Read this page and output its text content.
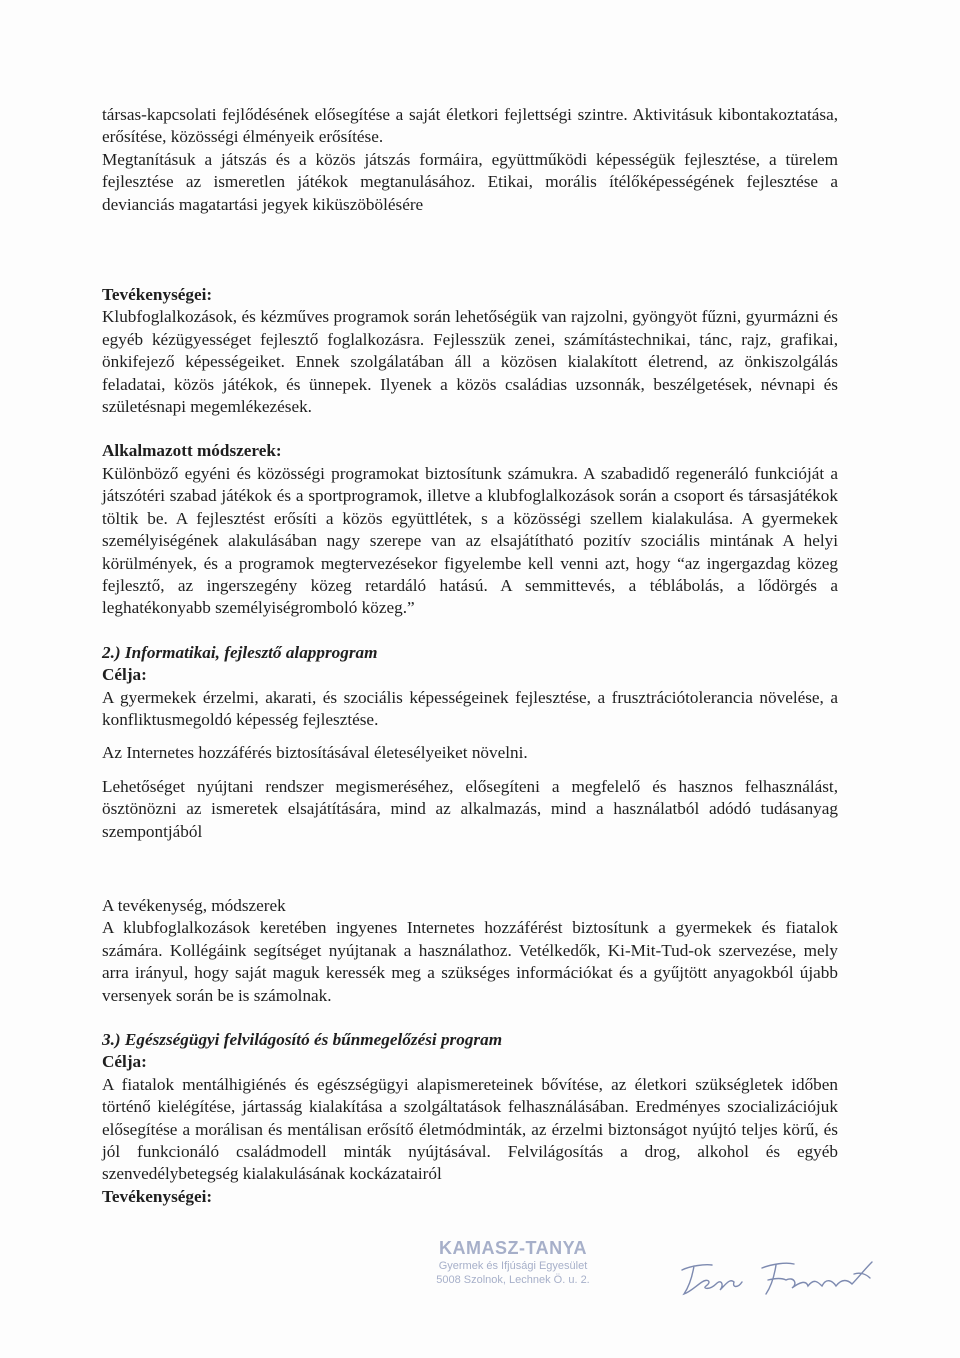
társas-kapcsolati fejlődésének elősegítése a saját életkori fejlettségi szintre. Aktivitásuk kibontakoztatása, erősítése, közösségi élményeik erősítése.

Megtanításuk a játszás és a közös játszás formáira, együttműködi képességük fejlesztése, a türelem fejlesztése az ismeretlen játékok megtanulásához. Etikai, morális ítélőképességének fejlesztése a devianciás magatartási jegyek kiküszöbölésére

Tevékenységei:

Klubfoglalkozások, és kézműves programok során lehetőségük van rajzolni, gyöngyöt fűzni, gyurmázni és egyéb kézügyességet fejlesztő foglalkozásra. Fejlesszük zenei, számítástechnikai, tánc, rajz, grafikai, önkifejező képességeiket. Ennek szolgálatában áll a közösen kialakított életrend, az önkiszolgálás feladatai, közös játékok, és ünnepek. Ilyenek a közös családias uzsonnák, beszélgetések, névnapi és születésnapi megemlékezések.

Alkalmazott módszerek:

Különböző egyéni és közösségi programokat biztosítunk számukra. A szabadidő regeneráló funkcióját a játszótéri szabad játékok és a sportprogramok, illetve a klubfoglalkozások során a csoport és társasjátékok töltik be. A fejlesztést erősíti a közös együttlétek, s a közösségi szellem kialakulása. A gyermekek személyiségének alakulásában nagy szerepe van az elsajátítható pozitív szociális mintának A helyi körülmények, és a programok megtervezésekor figyelembe kell venni azt, hogy “az ingergazdag közeg fejlesztő, az ingerszegény közeg retardáló hatású. A semmittevés, a téblábolás, a lődörgés a leghatékonyabb személyiségromboló közeg.”

2.) Informatikai, fejlesztő alapprogram

Célja:

A gyermekek érzelmi, akarati, és szociális képességeinek fejlesztése, a frusztrációtolerancia növelése, a konfliktusmegoldó képesség fejlesztése.

Az Internetes hozzáférés biztosításával életesélyeiket növelni.

Lehetőséget nyújtani rendszer megismeréséhez, elősegíteni a megfelelő és hasznos felhasználást, ösztönözni az ismeretek elsajátítására, mind az alkalmazás, mind a használatból adódó tudásanyag szempontjából

A tevékenység, módszerek

A klubfoglalkozások keretében ingyenes Internetes hozzáférést biztosítunk a gyermekek és fiatalok számára. Kollégáink segítséget nyújtanak a használathoz. Vetélkedők, Ki-Mit-Tud-ok szervezése, mely arra irányul, hogy saját maguk keressék meg a szükséges információkat és a gyűjtött anyagokból újabb versenyek során be is számolnak.

3.) Egészségügyi felvilágosító és bűnmegelőzési program

Célja:

A fiatalok mentálhigiénés és egészségügyi alapismereteinek bővítése, az életkori szükségletek időben történő kielégítése, jártasság kialakítása a szolgáltatások felhasználásában. Eredményes szocializációjuk elősegítése a morálisan és mentálisan erősítő életmódminták, az érzelmi biztonságot nyújtó teljes körű, és jól funkcionáló családmodell minták nyújtásával. Felvilágosítás a drog, alkohol és egyéb szenvedélybetegség kialakulásának kockázatairól

Tevékenységei:

KAMASZ-TANYA
Gyermek és Ifjúsági Egyesület
5008 Szolnok, Lechnek Ö. u. 2.
